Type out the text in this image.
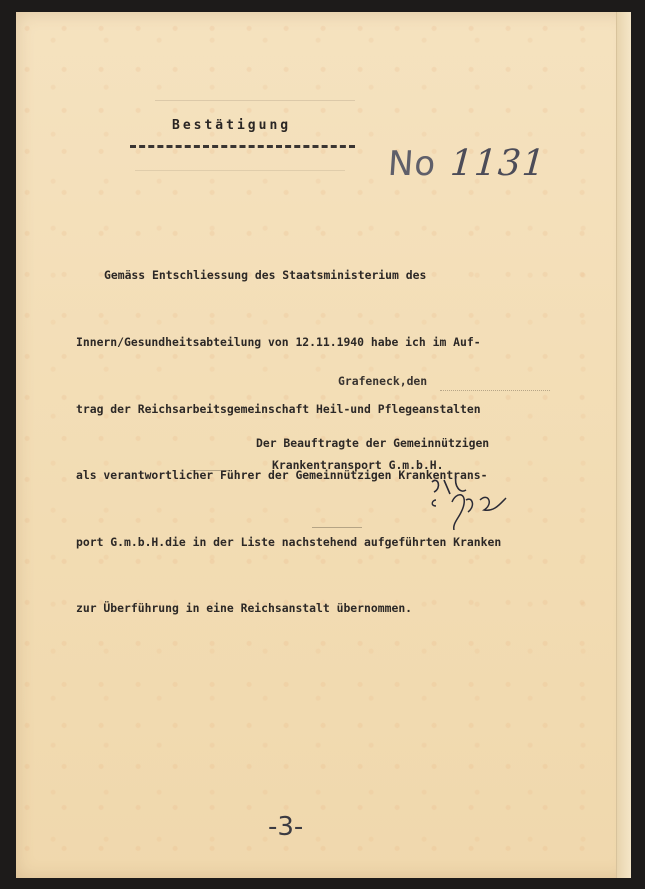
Bestätigung
No 1131

Gemäss Entschliessung des Staatsministerium des

Innern/Gesundheitsabteilung von 12.11.1940 habe ich im Auf-

trag der Reichsarbeitsgemeinschaft Heil-und Pflegeanstalten

als verantwortlicher Führer der Gemeinnützigen Krankentrans-

port G.m.b.H.die in der Liste nachstehend aufgeführten Kranken

zur Überführung in eine Reichsanstalt übernommen.

Grafeneck,den
Der Beauftragte der Gemeinnützigen
Krankentransport G.m.b.H.
-3-
